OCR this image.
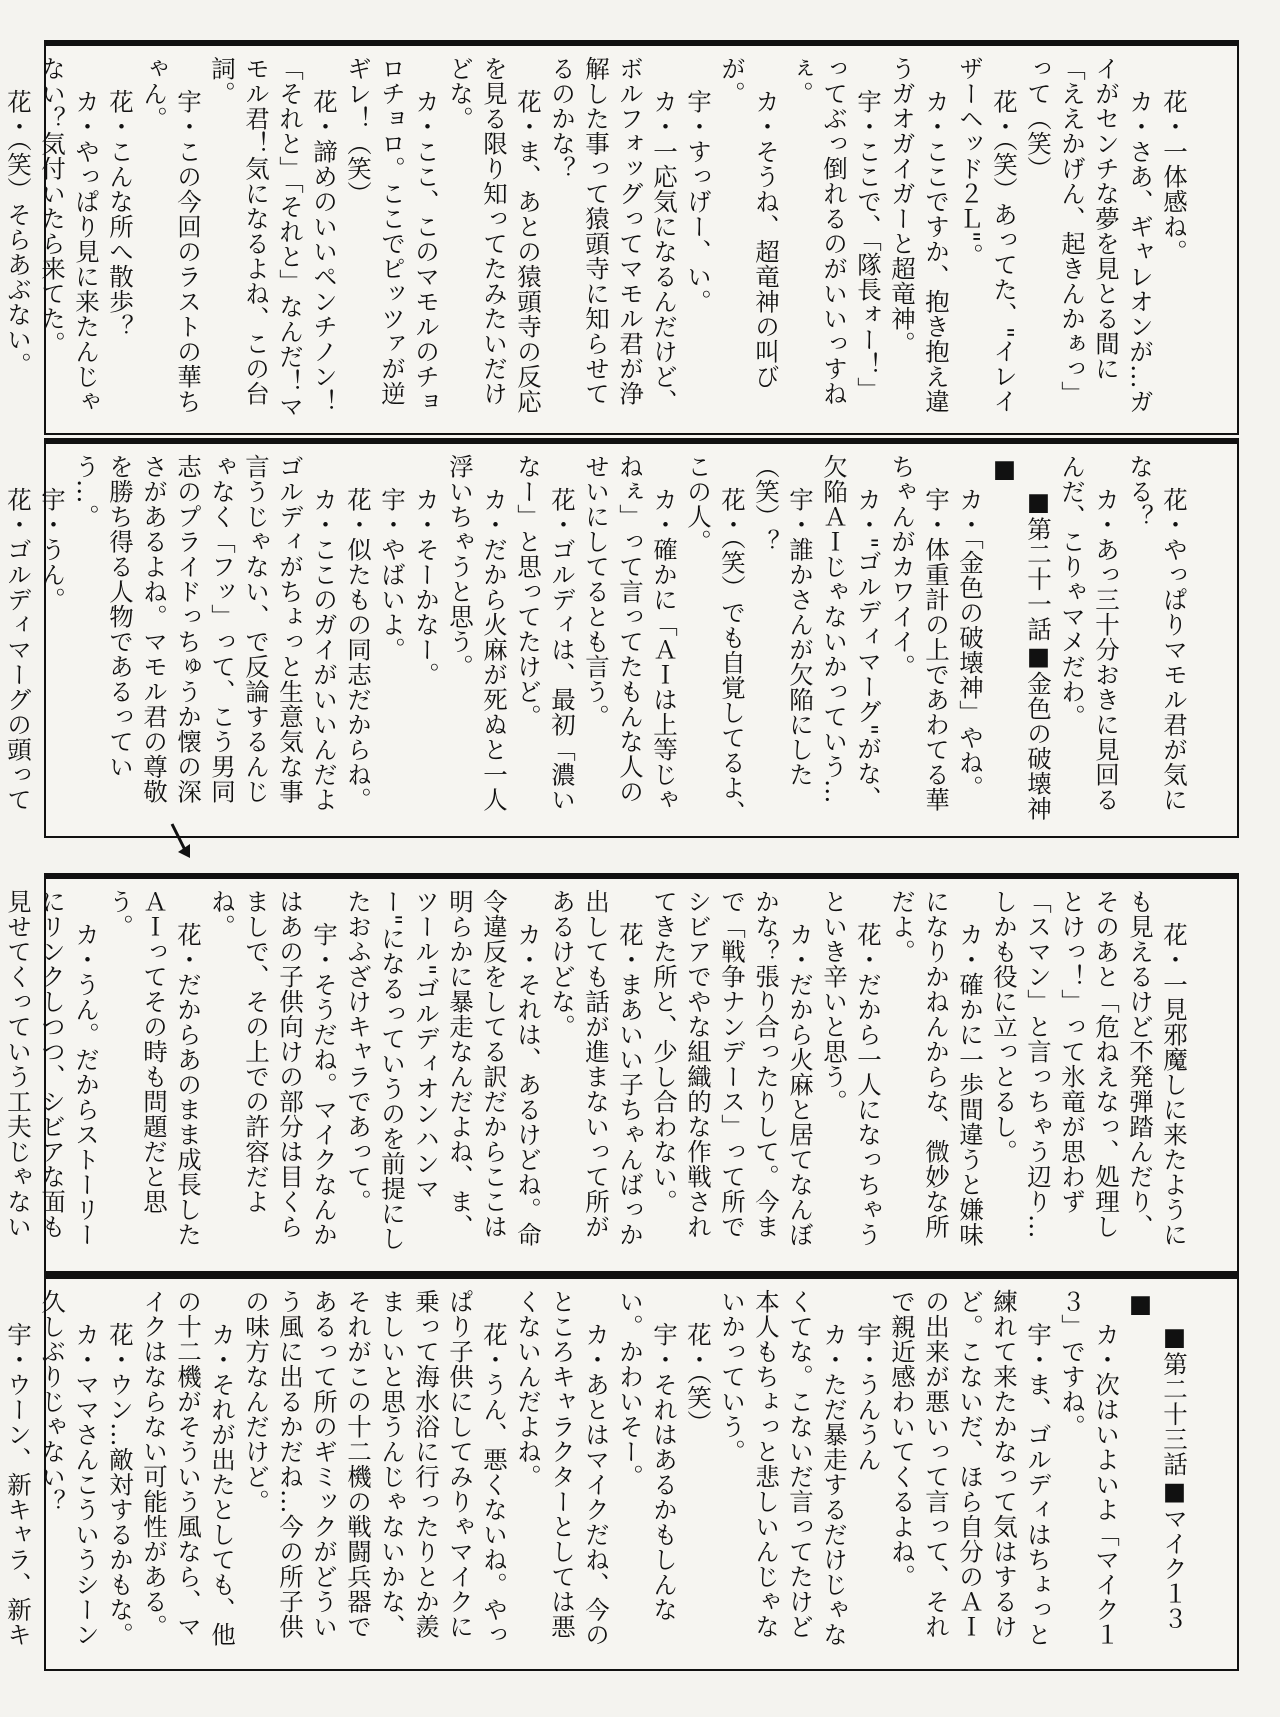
花・一体感ね。
カ・さあ、ギャレオンが…ガイがセンチな夢を見とる間に「ええかげん、起きんかぁっ」って（笑）
花・（笑）あってた、"イレイザーヘッド２Ｌ"。
カ・ここですか、抱き抱え違うガオガイガーと超竜神。
宇・ここで、「隊長ォー！」ってぶっ倒れるのがいいっすねぇ。
カ・そうね、超竜神の叫びが。
宇・すっげー、い。
カ・一応気になるんだけど、ボルフォッグってマモル君が浄解した事って猿頭寺に知らせてるのかな？
花・ま、あとの猿頭寺の反応を見る限り知ってたみたいだけどな。
カ・ここ、このマモルのチョロチョロ。ここでピッツァが逆ギレ！（笑）
花・諦めのいいペンチノン！「それと」「それと」なんだ！マモル君！気になるよね、この台詞。
宇・この今回のラストの華ちゃん。
花・こんな所へ散歩？
カ・やっぱり見に来たんじゃない？気付いたら来てた。
花・（笑）そらあぶない。

花・やっぱりマモル君が気になる？
カ・あっ三十分おきに見回るんだ、こりゃマメだわ。
■第二十一話■金色の破壊神■
カ・「金色の破壊神」やね。
宇・体重計の上であわてる華ちゃんがカワイイ。
カ・"ゴルディマーグ"がな、欠陥ＡＩじゃないかっていう…
宇・誰かさんが欠陥にした（笑）？
花・（笑）でも自覚してるよ、この人。
カ・確かに「ＡＩは上等じゃねぇ」って言ってたもんな人のせいにしてるとも言う。
花・ゴルディは、最初「濃いなー」と思ってたけど。
カ・だから火麻が死ぬと一人浮いちゃうと思う。
カ・そーかなー。
宇・やばいよ。
花・似たもの同志だからね。
カ・ここのガイがいいんだよゴルディがちょっと生意気な事言うじゃない、で反論するんじゃなく「フッ」って、こう男同志のプライドっちゅうか懐の深さがあるよね。マモル君の尊敬を勝ち得る人物であるっていう…。
宇・うん。
花・ゴルディマーグの頭って

花・一見邪魔しに来たようにも見えるけど不発弾踏んだり、そのあと「危ねえなっ、処理しとけっ！」って氷竜が思わず「スマン」と言っちゃう辺り…しかも役に立っとるし。
カ・確かに一歩間違うと嫌味になりかねんからな、微妙な所だよ。
花・だから一人になっちゃうといき辛いと思う。
カ・だから火麻と居てなんぼかな？張り合ったりして。今まで「戦争ナンデース」って所でシビアでやな組織的な作戦されてきた所と、少し合わない。
花・まあいい子ちゃんばっか出しても話が進まないって所があるけどな。
カ・それは、あるけどね。命令違反をしてる訳だからここは明らかに暴走なんだよね、ま、ツール"ゴルディオンハンマー"になるっていうのを前提にしたおふざけキャラであって。
宇・そうだね。マイクなんかはあの子供向けの部分は目くらましで、その上での許容だよね。
花・だからあのまま成長したＡＩってその時も問題だと思う。
カ・うん。だからストーリーにリンクしつつ、シビアな面も見せてくっていう工夫じゃない

■第二十三話■マイク１３■
カ・次はいよいよ「マイク１３」ですね。
宇・ま、ゴルディはちょっと練れて来たかなって気はするけど。こないだ、ほら自分のＡＩの出来が悪いって言って、それで親近感わいてくるよね。
宇・うんうん
カ・ただ暴走するだけじゃなくてな。こないだ言ってたけど本人もちょっと悲しいんじゃないかっていう。
花・（笑）
宇・それはあるかもしんない。かわいそー。
カ・あとはマイクだね、今のところキャラクターとしては悪くないんだよね。
花・うん、悪くないね。やっぱり子供にしてみりゃマイクに乗って海水浴に行ったりとか羨ましいと思うんじゃないかな、それがこの十二機の戦闘兵器であるって所のギミックがどういう風に出るかだね…今の所子供の味方なんだけど。
カ・それが出たとしても、他の十二機がそういう風なら、マイクはならない可能性がある。
花・ウン…敵対するかもな。
カ・ママさんこういうシーン久しぶりじゃない？
宇・ウーン、新キャラ、新キ
